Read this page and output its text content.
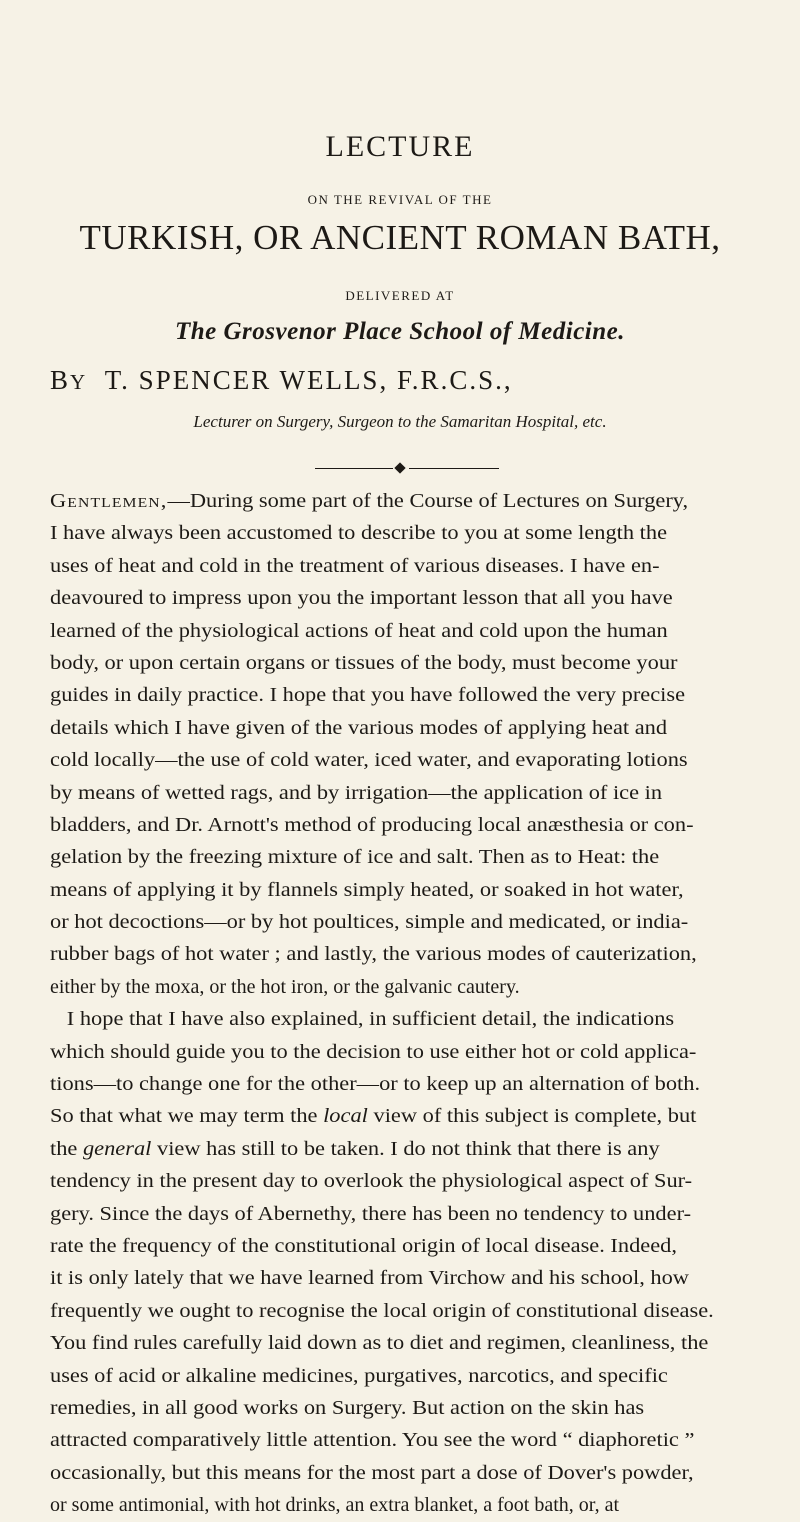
LECTURE
ON THE REVIVAL OF THE
TURKISH, OR ANCIENT ROMAN BATH,
DELIVERED AT
The Grosvenor Place School of Medicine.
BY T. SPENCER WELLS, F.R.C.S.,
Lecturer on Surgery, Surgeon to the Samaritan Hospital, etc.
Gentlemen,—During some part of the Course of Lectures on Surgery,
I have always been accustomed to describe to you at some length the
uses of heat and cold in the treatment of various diseases. I have en-
deavoured to impress upon you the important lesson that all you have
learned of the physiological actions of heat and cold upon the human
body, or upon certain organs or tissues of the body, must become your
guides in daily practice. I hope that you have followed the very precise
details which I have given of the various modes of applying heat and
cold locally—the use of cold water, iced water, and evaporating lotions
by means of wetted rags, and by irrigation—the application of ice in
bladders, and Dr. Arnott's method of producing local anæsthesia or con-
gelation by the freezing mixture of ice and salt. Then as to Heat: the
means of applying it by flannels simply heated, or soaked in hot water,
or hot decoctions—or by hot poultices, simple and medicated, or india-
rubber bags of hot water ; and lastly, the various modes of cauterization,
either by the moxa, or the hot iron, or the galvanic cautery.
I hope that I have also explained, in sufficient detail, the indications
which should guide you to the decision to use either hot or cold applica-
tions—to change one for the other—or to keep up an alternation of both.
So that what we may term the local view of this subject is complete, but
the general view has still to be taken. I do not think that there is any
tendency in the present day to overlook the physiological aspect of Sur-
gery. Since the days of Abernethy, there has been no tendency to under-
rate the frequency of the constitutional origin of local disease. Indeed,
it is only lately that we have learned from Virchow and his school, how
frequently we ought to recognise the local origin of constitutional disease.
You find rules carefully laid down as to diet and regimen, cleanliness, the
uses of acid or alkaline medicines, purgatives, narcotics, and specific
remedies, in all good works on Surgery. But action on the skin has
attracted comparatively little attention. You see the word “ diaphoretic ”
occasionally, but this means for the most part a dose of Dover's powder,
or some antimonial, with hot drinks, an extra blanket, a foot bath, or, at
